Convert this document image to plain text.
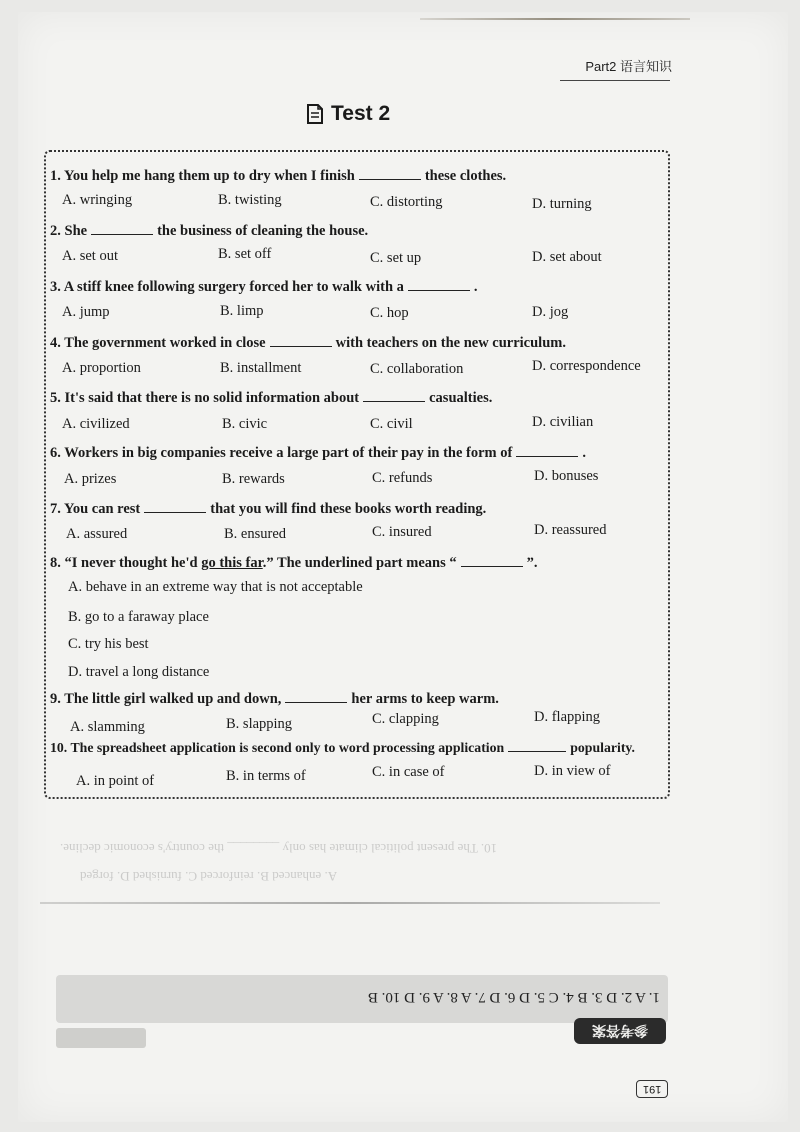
Part2 语言知识
Test 2
10. The present political climate has only ________ the country's economic decline.
A. enhanced B. reinforced C. furnished D. forged
1. You help me hang them up to dry when I finish	these clothes.
A. wringing	B. twisting	C. distorting	D. turning
2. She	the business of cleaning the house.
A. set out	B. set off	C. set up	D. set about
3. A stiff knee following surgery forced her to walk with a	.
A. jump	B. limp	C. hop	D. jog
4. The government worked in close	with teachers on the new curriculum.
A. proportion	B. installment	C. collaboration	D. correspondence
5. It's said that there is no solid information about	casualties.
A. civilized	B. civic	C. civil	D. civilian
6. Workers in big companies receive a large part of their pay in the form of	.
A. prizes	B. rewards	C. refunds	D. bonuses
7. You can rest	that you will find these books worth reading.
A. assured	B. ensured	C. insured	D. reassured
8. “I never thought he'd go this far.” The underlined part means “	”.
A. behave in an extreme way that is not acceptable
B. go to a faraway place
C. try his best
D. travel a long distance
9. The little girl walked up and down,	her arms to keep warm.
A. slamming	B. slapping	C. clapping	D. flapping
10. The spreadsheet application is second only to word processing application	popularity.
A. in point of	B. in terms of	C. in case of	D. in view of
1. A 2. D 3. B 4. C 5. D 6. D 7. A 8. A 9. D 10. B
参考答案
191
